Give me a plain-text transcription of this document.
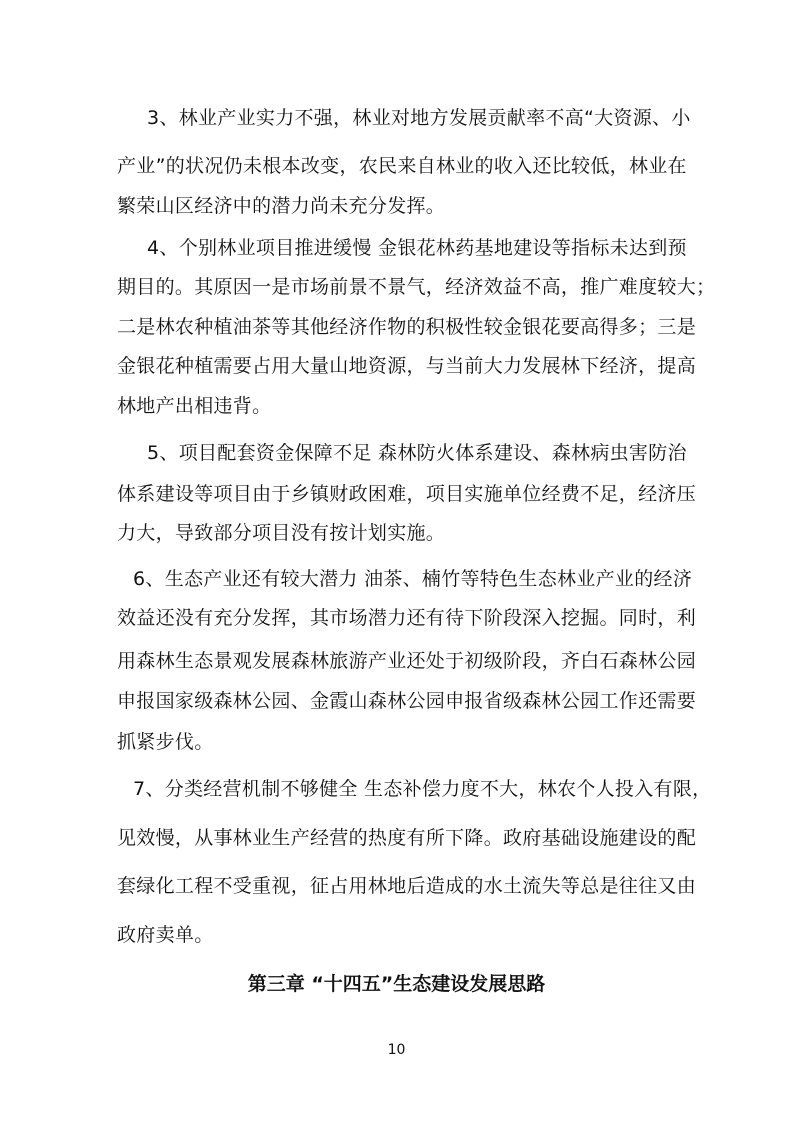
3、林业产业实力不强，林业对地方发展贡献率不高“大资源、小
产业”的状况仍未根本改变，农民来自林业的收入还比较低，林业在
繁荣山区经济中的潜力尚未充分发挥。
4、个别林业项目推进缓慢 金银花林药基地建设等指标未达到预
期目的。其原因一是市场前景不景气，经济效益不高，推广难度较大；
二是林农种植油茶等其他经济作物的积极性较金银花要高得多；三是
金银花种植需要占用大量山地资源，与当前大力发展林下经济，提高
林地产出相违背。
5、项目配套资金保障不足 森林防火体系建设、森林病虫害防治
体系建设等项目由于乡镇财政困难，项目实施单位经费不足，经济压
力大，导致部分项目没有按计划实施。
6、生态产业还有较大潜力 油茶、楠竹等特色生态林业产业的经济
效益还没有充分发挥，其市场潜力还有待下阶段深入挖掘。同时，利
用森林生态景观发展森林旅游产业还处于初级阶段，齐白石森林公园
申报国家级森林公园、金霞山森林公园申报省级森林公园工作还需要
抓紧步伐。
7、分类经营机制不够健全 生态补偿力度不大，林农个人投入有限，
见效慢，从事林业生产经营的热度有所下降。政府基础设施建设的配
套绿化工程不受重视，征占用林地后造成的水土流失等总是往往又由
政府卖单。
第三章 “十四五”生态建设发展思路
10
